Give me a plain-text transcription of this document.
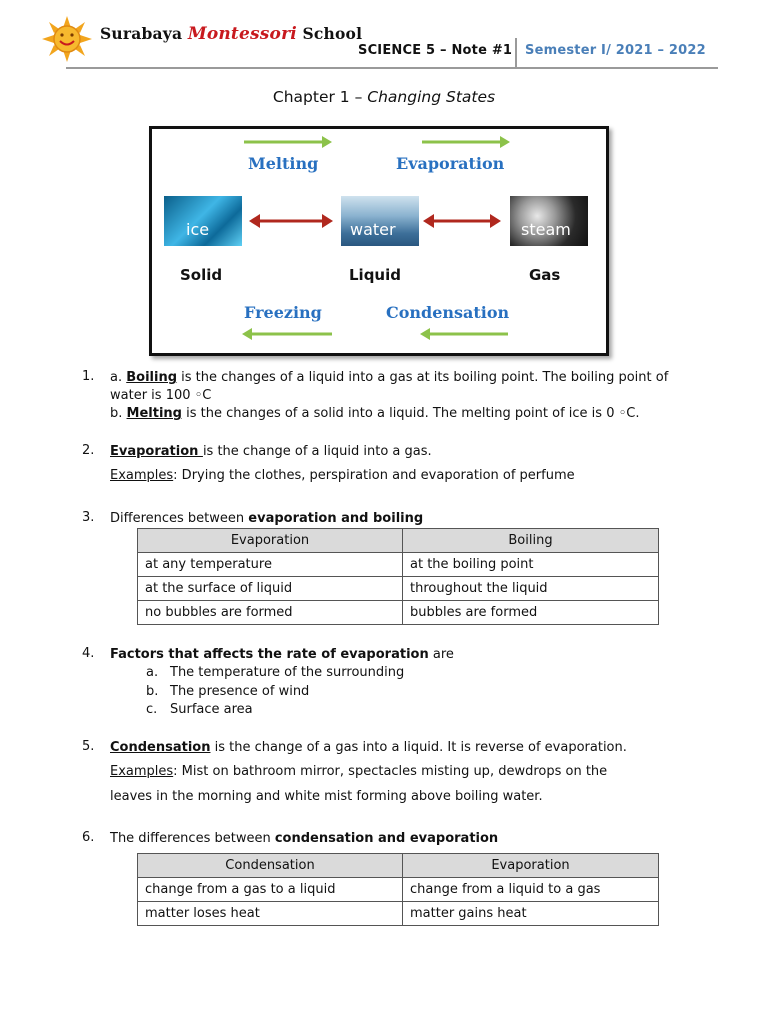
Surabaya Montessori School
SCIENCE 5 – Note #1 Semester I/ 2021 – 2022
Chapter 1 – Changing States
Melting	Evaporation
ice	water	steam
Solid	Liquid	Gas
Freezing	Condensation
1. a. Boiling is the changes of a liquid into a gas at its boiling point. The boiling point of water is 100 ◦C
b. Melting is the changes of a solid into a liquid. The melting point of ice is 0 ◦C.
2. Evaporation is the change of a liquid into a gas.
Examples: Drying the clothes, perspiration and evaporation of perfume
3. Differences between evaporation and boiling
Evaporation	Boiling
at any temperature	at the boiling point
at the surface of liquid	throughout the liquid
no bubbles are formed	bubbles are formed
4. Factors that affects the rate of evaporation are
a. The temperature of the surrounding
b. The presence of wind
c. Surface area
5. Condensation is the change of a gas into a liquid. It is reverse of evaporation.
Examples: Mist on bathroom mirror, spectacles misting up, dewdrops on the
leaves in the morning and white mist forming above boiling water.
6. The differences between condensation and evaporation
Condensation	Evaporation
change from a gas to a liquid	change from a liquid to a gas
matter loses heat	matter gains heat
